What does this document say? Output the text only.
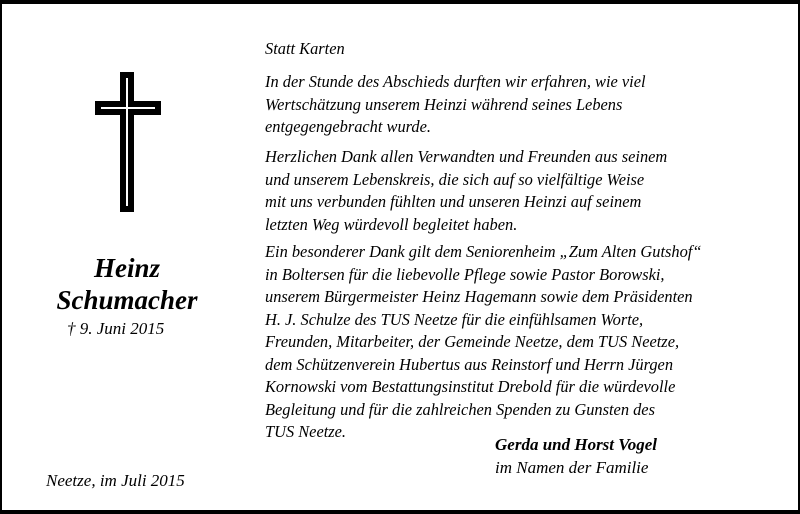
Heinz
Schumacher
† 9. Juni 2015
Neetze, im Juli 2015
Statt Karten
In der Stunde des Abschieds durften wir erfahren, wie viel
Wertschätzung unserem Heinzi während seines Lebens
entgegengebracht wurde.
Herzlichen Dank allen Verwandten und Freunden aus seinem
und unserem Lebenskreis, die sich auf so vielfältige Weise
mit uns verbunden fühlten und unseren Heinzi auf seinem
letzten Weg würdevoll begleitet haben.
Ein besonderer Dank gilt dem Seniorenheim „Zum Alten Gutshof“
in Boltersen für die liebevolle Pflege sowie Pastor Borowski,
unserem Bürgermeister Heinz Hagemann sowie dem Präsidenten
H. J. Schulze des TUS Neetze für die einfühlsamen Worte,
Freunden, Mitarbeiter, der Gemeinde Neetze, dem TUS Neetze,
dem Schützenverein Hubertus aus Reinstorf und Herrn Jürgen
Kornowski vom Bestattungsinstitut Drebold für die würdevolle
Begleitung und für die zahlreichen Spenden zu Gunsten des
TUS Neetze.
Gerda und Horst Vogel
im Namen der Familie
